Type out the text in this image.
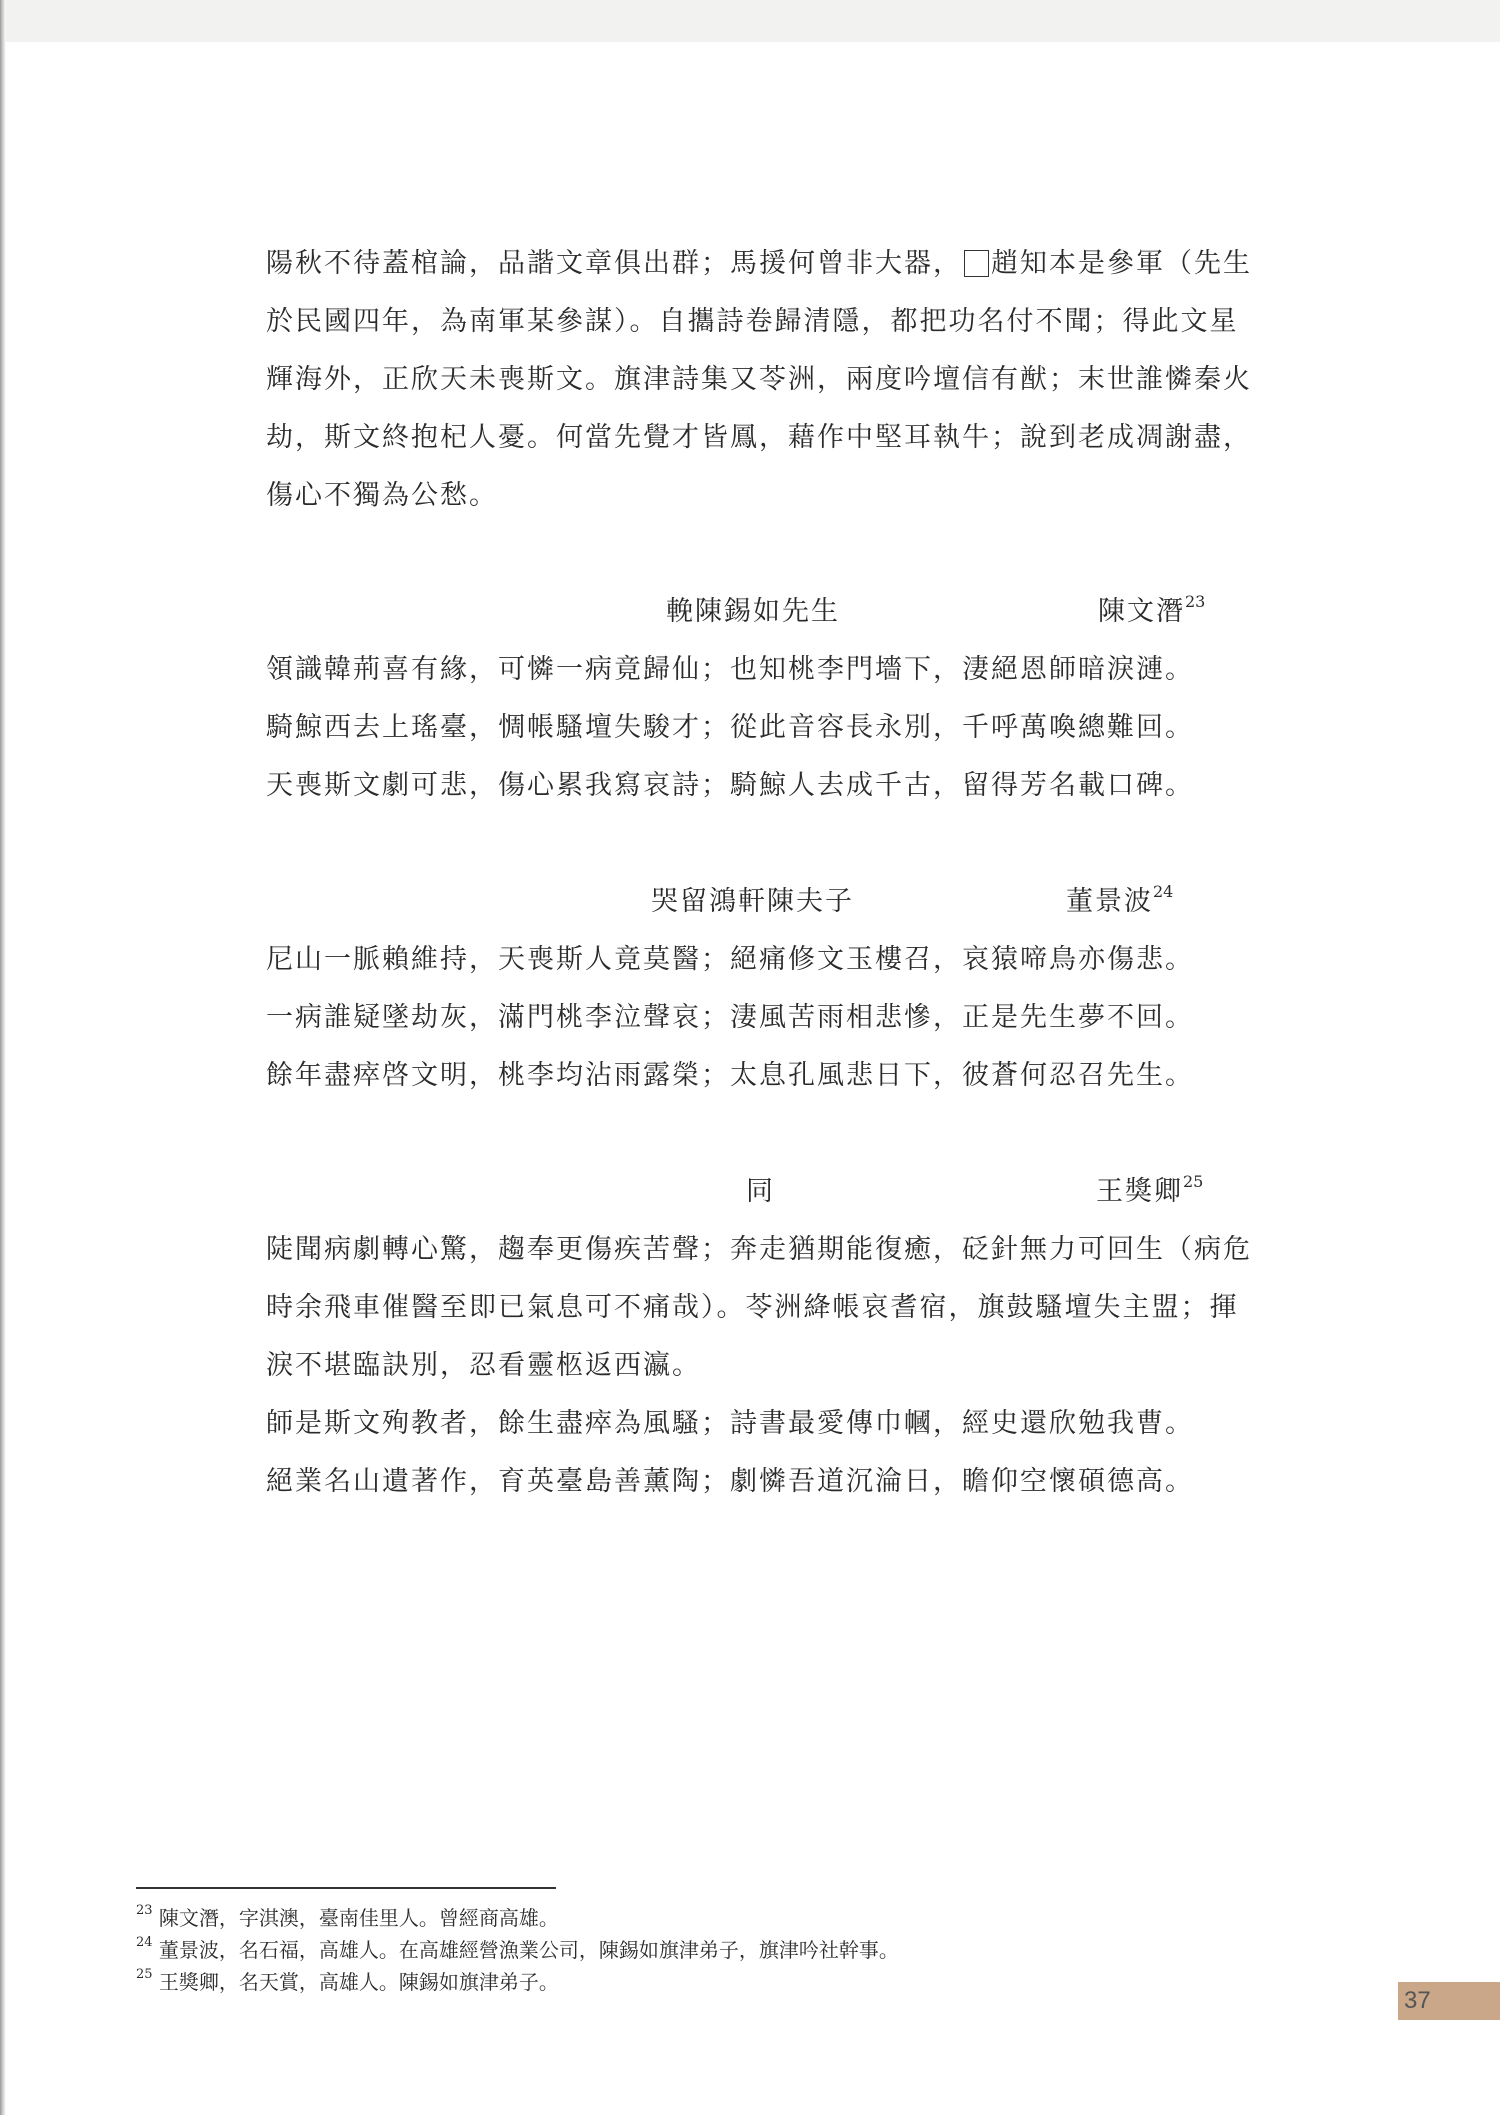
陽秋不待蓋棺論，品諧文章俱出群；馬援何曾非大器， 趙知本是參軍（先生於民國四年，為南軍某參謀）。自攜詩卷歸清隱，都把功名付不聞；得此文星輝海外，正欣天未喪斯文。旗津詩集又苓洲，兩度吟壇信有猷；末世誰憐秦火劫，斯文終抱杞人憂。何當先覺才皆鳳，藉作中堅耳執牛；說到老成凋謝盡，傷心不獨為公愁。

輓陳錫如先生	陳文潛$^{23}$
領識韓荊喜有緣，可憐一病竟歸仙；也知桃李門墻下，淒絕恩師暗淚漣。
騎鯨西去上瑤臺，惆帳騷壇失駿才；從此音容長永別，千呼萬喚總難回。
天喪斯文劇可悲，傷心累我寫哀詩；騎鯨人去成千古，留得芳名載口碑。
哭留鴻軒陳夫子	董景波$^{24}$
尼山一脈賴維持，天喪斯人竟莫醫；絕痛修文玉樓召，哀猿啼鳥亦傷悲。
一病誰疑墜劫灰，滿門桃李泣聲哀；淒風苦雨相悲慘，正是先生夢不回。
餘年盡瘁啓文明，桃李均沾雨露榮；太息孔風悲日下，彼蒼何忍召先生。
同	王獎卿$^{25}$

陡聞病劇轉心驚，趨奉更傷疾苦聲；奔走猶期能復癒，砭針無力可回生（病危時余飛車催醫至即已氣息可不痛哉）。苓洲絳帳哀耆宿，旗鼓騷壇失主盟；揮淚不堪臨訣別，忍看靈柩返西瀛。

師是斯文殉教者，餘生盡瘁為風騷；詩書最愛傳巾幗，經史還欣勉我曹。
絕業名山遺著作，育英臺島善薰陶；劇憐吾道沉淪日，瞻仰空懷碩德高。
$^{23}$ 陳文潛，字淇澳，臺南佳里人。曾經商高雄。
$^{24}$ 董景波，名石福，高雄人。在高雄經營漁業公司，陳錫如旗津弟子，旗津吟社幹事。
$^{25}$ 王獎卿，名天賞，高雄人。陳錫如旗津弟子。
37
